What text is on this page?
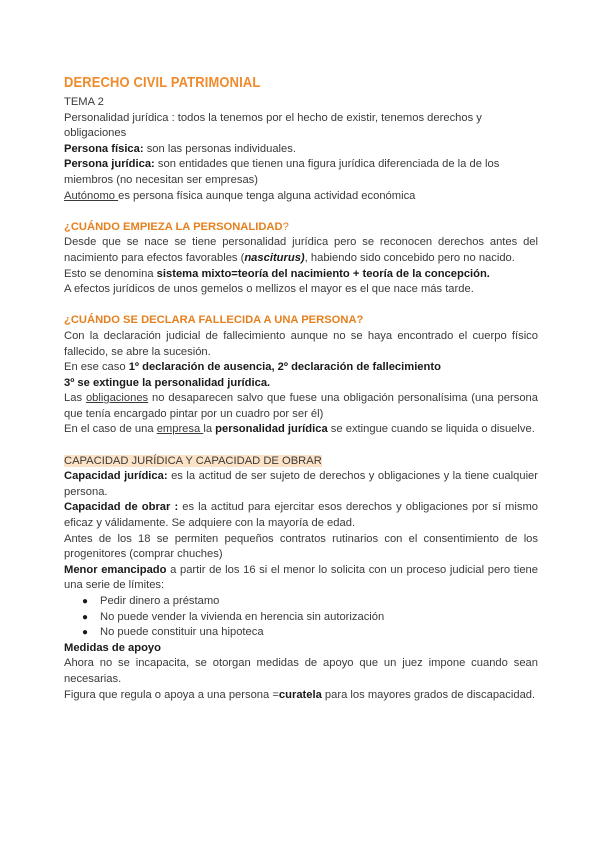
DERECHO CIVIL PATRIMONIAL

TEMA 2

Personalidad jurídica : todos la tenemos por el hecho de existir, tenemos derechos y obligaciones

Persona física: son las personas individuales.

Persona jurídica: son entidades que tienen una figura jurídica diferenciada de la de los miembros (no necesitan ser empresas)

Autónomo es persona física aunque tenga alguna actividad económica

¿CUÁNDO EMPIEZA LA PERSONALIDAD?

Desde que se nace se tiene personalidad jurídica pero se reconocen derechos antes del nacimiento para efectos favorables (nasciturus), habiendo sido concebido pero no nacido.

Esto se denomina sistema mixto=teoría del nacimiento + teoría de la concepción.

A efectos jurídicos de unos gemelos o mellizos el mayor es el que nace más tarde.

¿CUÁNDO SE DECLARA FALLECIDA A UNA PERSONA?

Con la declaración judicial de fallecimiento aunque no se haya encontrado el cuerpo físico fallecido, se abre la sucesión.

En ese caso 1º declaración de ausencia, 2º declaración de fallecimiento

3º se extingue la personalidad jurídica.

Las obligaciones no desaparecen salvo que fuese una obligación personalísima (una persona que tenía encargado pintar por un cuadro por ser él)

En el caso de una empresa la personalidad jurídica se extingue cuando se liquida o disuelve.

CAPACIDAD JURÍDICA Y CAPACIDAD DE OBRAR

Capacidad jurídica: es la actitud de ser sujeto de derechos y obligaciones y la tiene cualquier persona.

Capacidad de obrar : es la actitud para ejercitar esos derechos y obligaciones por sí mismo eficaz y válidamente. Se adquiere con la mayoría de edad.

Antes de los 18 se permiten pequeños contratos rutinarios con el consentimiento de los progenitores (comprar chuches)

Menor emancipado a partir de los 16 si el menor lo solicita con un proceso judicial pero tiene una serie de límites:

● Pedir dinero a préstamo
● No puede vender la vivienda en herencia sin autorización
● No puede constituir una hipoteca

Medidas de apoyo

Ahora no se incapacita, se otorgan medidas de apoyo que un juez impone cuando sean necesarias.

Figura que regula o apoya a una persona =curatela para los mayores grados de discapacidad.
